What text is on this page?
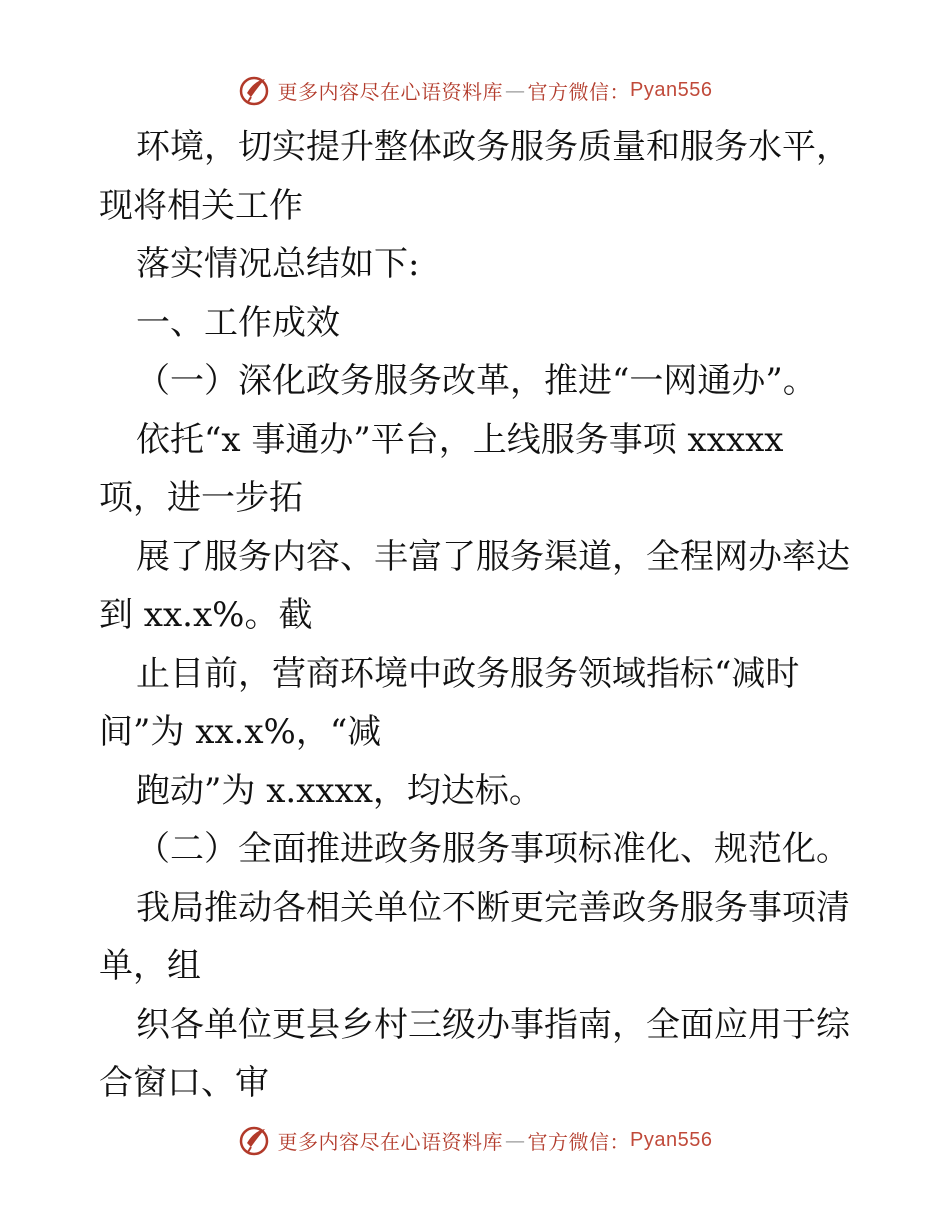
更多内容尽在心语资料库 — 官方微信： Pyan556
环境，切实提升整体政务服务质量和服务水平，
现将相关工作
落实情况总结如下:
一、工作成效
（一）深化政务服务改革，推进“一网通办”。
依托“x 事通办”平台，上线服务事项 xxxxx
项，进一步拓
展了服务内容、丰富了服务渠道，全程网办率达
到 xx.x%。截
止目前，营商环境中政务服务领域指标“减时
间”为 xx.x%，“减
跑动”为 x.xxxx，均达标。
（二）全面推进政务服务事项标准化、规范化。
我局推动各相关单位不断更完善政务服务事项清
单，组
织各单位更县乡村三级办事指南，全面应用于综
合窗口、审
更多内容尽在心语资料库 — 官方微信： Pyan556
